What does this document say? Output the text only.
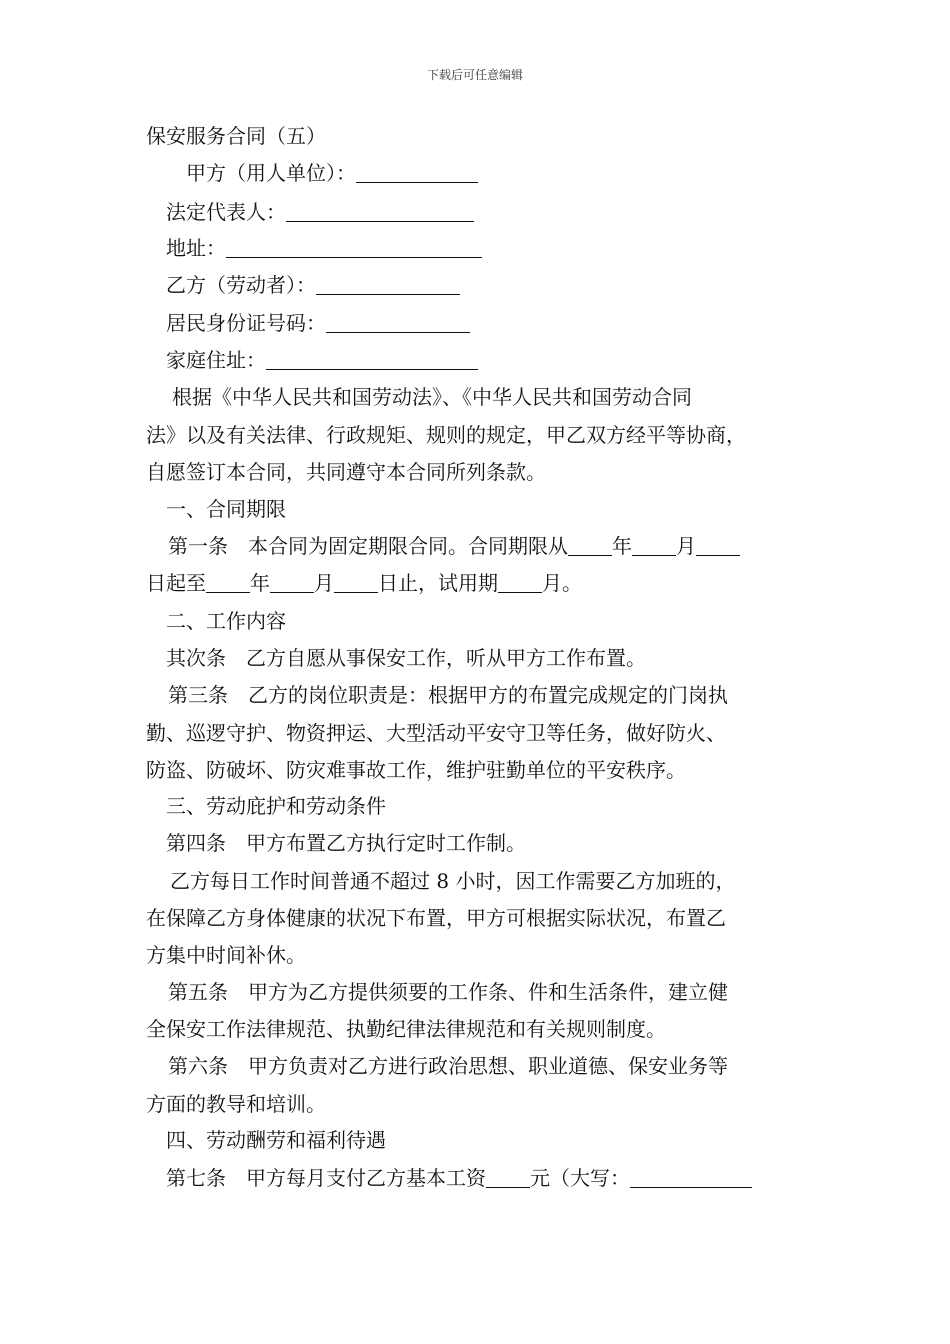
下载后可任意编辑
保安服务合同（五）
甲方（用人单位）：
法定代表人：
地址：
乙方（劳动者）：
居民身份证号码：
家庭住址：
根据《中华人民共和国劳动法》、《中华人民共和国劳动合同
法》以及有关法律、行政规矩、规则的规定，甲乙双方经平等协商，
自愿签订本合同，共同遵守本合同所列条款。
一、合同期限
第一条　本合同为固定期限合同。合同期限从 年 月
日起至 年 月 日止，试用期 月。
二、工作内容
其次条　乙方自愿从事保安工作，听从甲方工作布置。
第三条　乙方的岗位职责是：根据甲方的布置完成规定的门岗执
勤、巡逻守护、物资押运、大型活动平安守卫等任务，做好防火、
防盗、防破坏、防灾难事故工作，维护驻勤单位的平安秩序。
三、劳动庇护和劳动条件
第四条　甲方布置乙方执行定时工作制。
乙方每日工作时间普通不超过 8 小时，因工作需要乙方加班的，
在保障乙方身体健康的状况下布置，甲方可根据实际状况，布置乙
方集中时间补休。
第五条　甲方为乙方提供须要的工作条、件和生活条件，建立健
全保安工作法律规范、执勤纪律法律规范和有关规则制度。
第六条　甲方负责对乙方进行政治思想、职业道德、保安业务等
方面的教导和培训。
四、劳动酬劳和福利待遇
第七条　甲方每月支付乙方基本工资 元（大写：
